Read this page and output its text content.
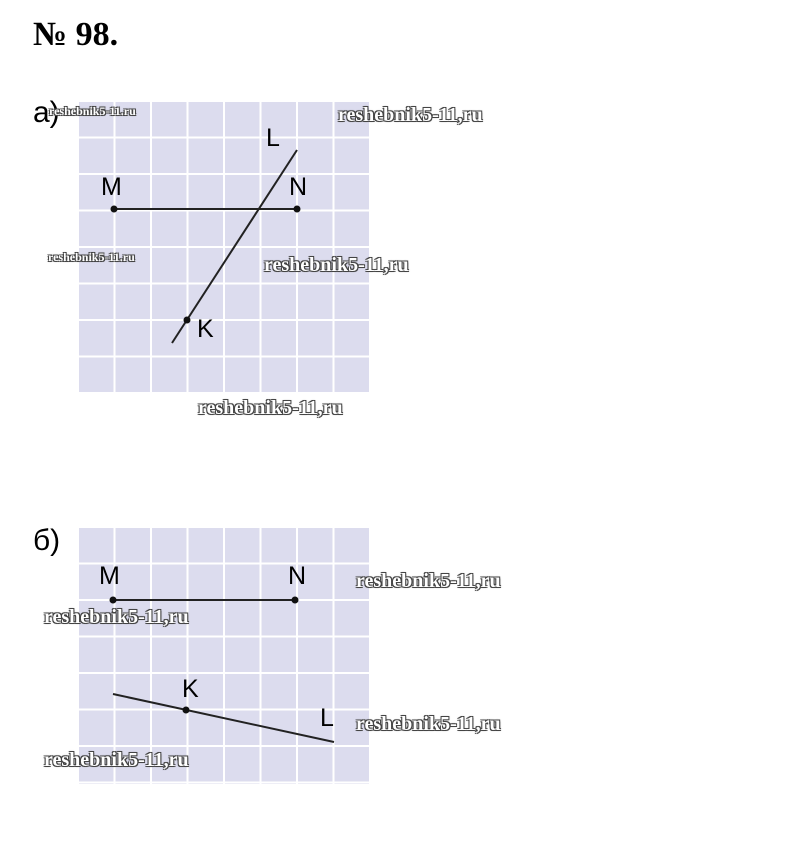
№ 98.
а)
M	N
L
K
б)
M	N
K
L
reshebnik5-11.ru	reshebnik5-11,ru
reshebnik5-11.ru	reshebnik5-11,ru
reshebnik5-11,ru
reshebnik5-11,ru
reshebnik5-11,ru
reshebnik5-11,ru
reshebnik5-11,ru
